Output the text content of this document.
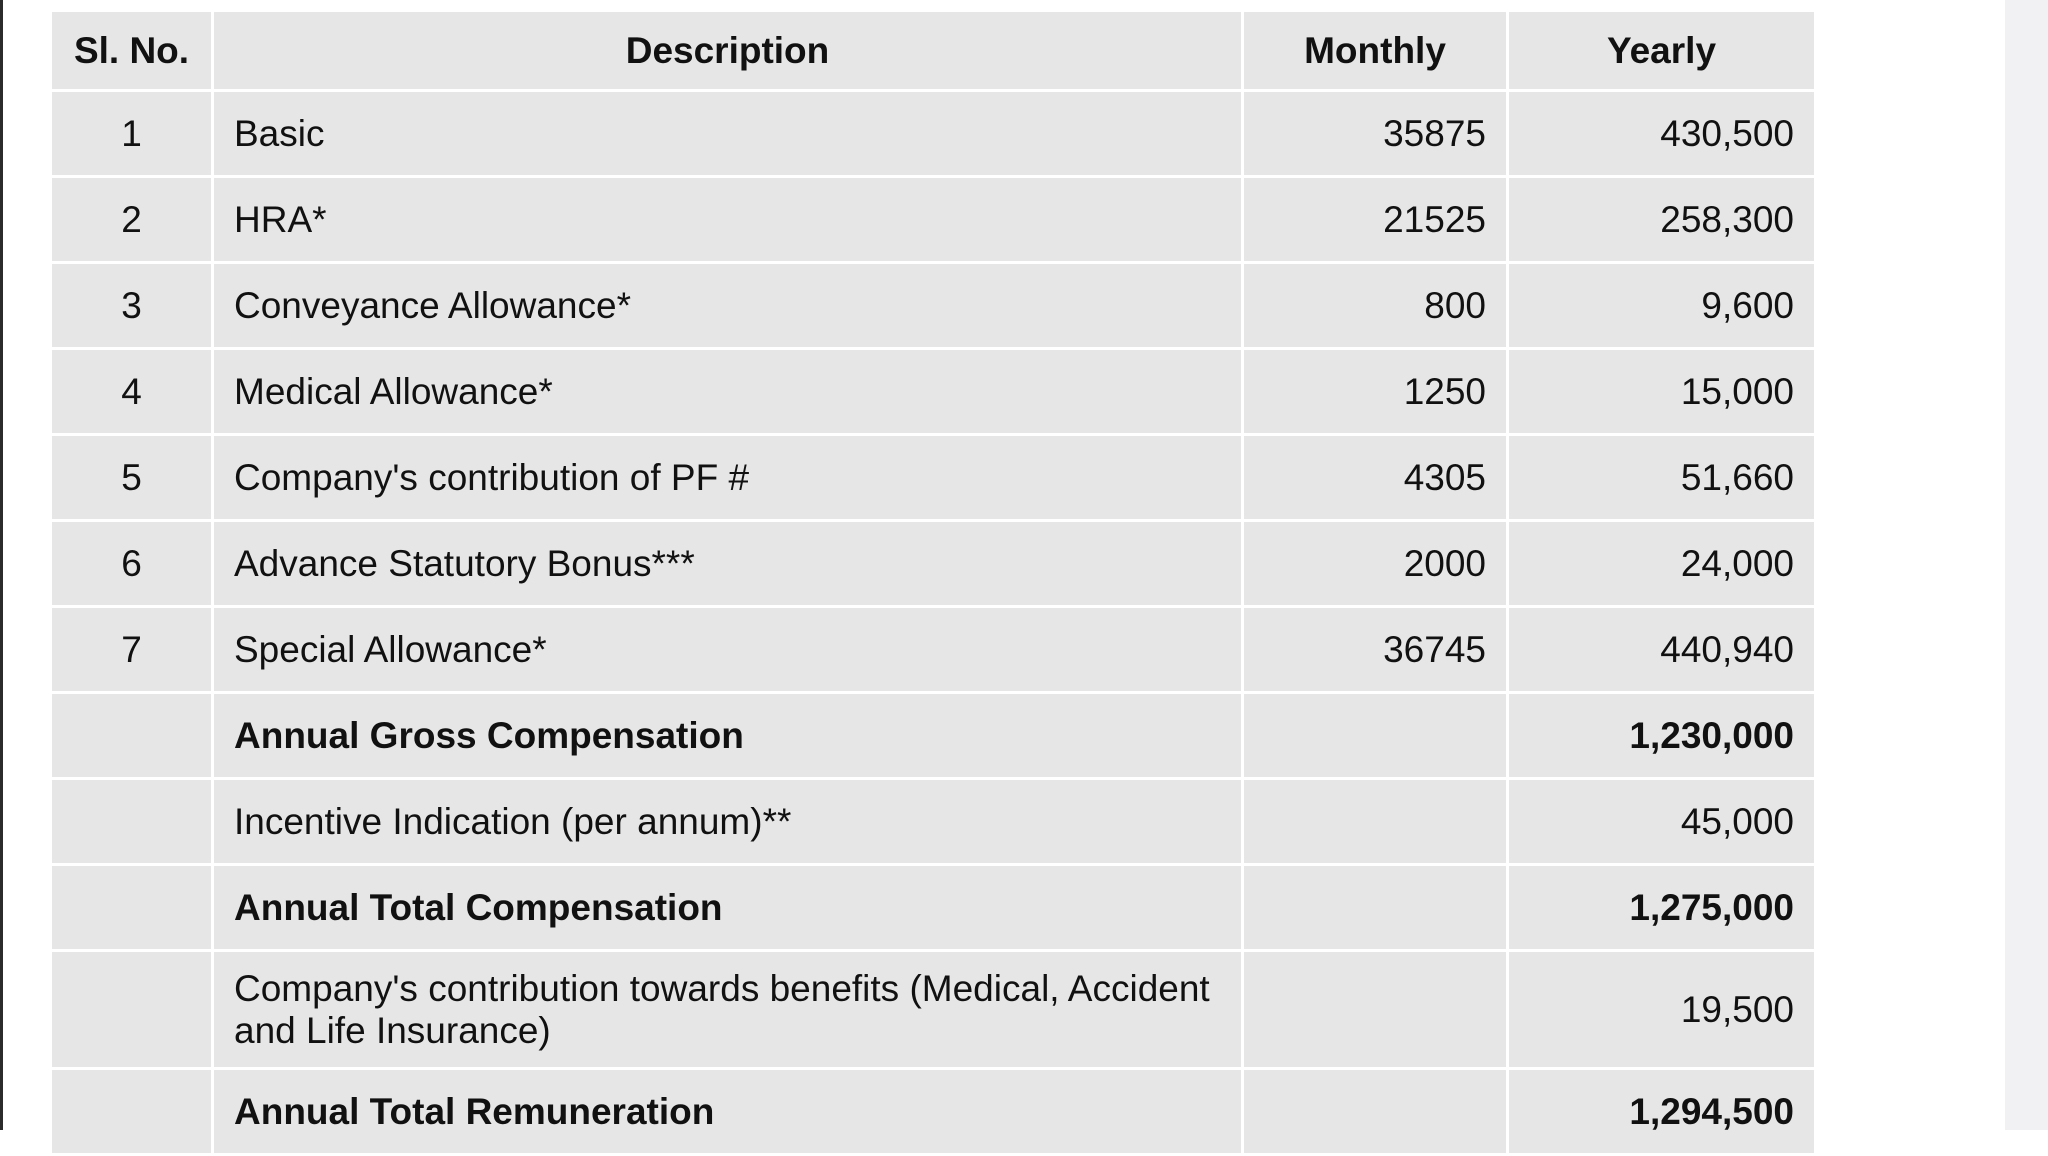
Sl. No.	Description	Monthly	Yearly
1	Basic	35875	430,500
2	HRA*	21525	258,300
3	Conveyance Allowance*	800	9,600
4	Medical Allowance*	1250	15,000
5	Company's contribution of PF #	4305	51,660
6	Advance Statutory Bonus***	2000	24,000
7	Special Allowance*	36745	440,940
	Annual Gross Compensation		1,230,000
	Incentive Indication (per annum)**		45,000
	Annual Total Compensation		1,275,000
	Company's contribution towards benefits (Medical, Accident and Life Insurance)		19,500
	Annual Total Remuneration		1,294,500
